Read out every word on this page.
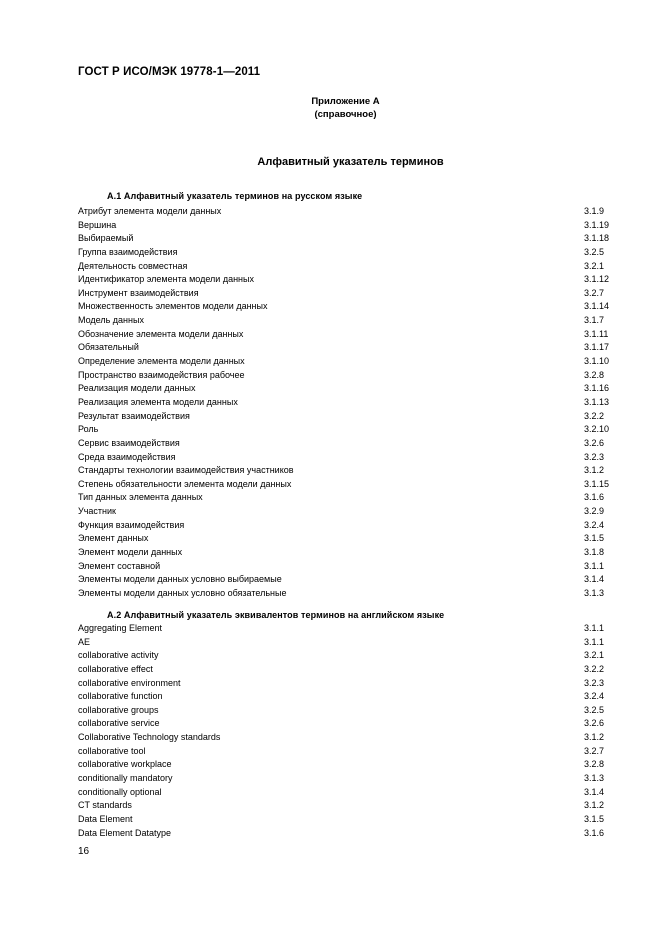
ГОСТ Р ИСО/МЭК 19778-1—2011
Приложение А
(справочное)
Алфавитный указатель терминов
А.1 Алфавитный указатель терминов на русском языке
Атрибут элемента модели данных	3.1.9
Вершина	3.1.19
Выбираемый	3.1.18
Группа взаимодействия	3.2.5
Деятельность совместная	3.2.1
Идентификатор элемента модели данных	3.1.12
Инструмент взаимодействия	3.2.7
Множественность элементов модели данных	3.1.14
Модель данных	3.1.7
Обозначение элемента модели данных	3.1.11
Обязательный	3.1.17
Определение элемента модели данных	3.1.10
Пространство взаимодействия рабочее	3.2.8
Реализация модели данных	3.1.16
Реализация элемента модели данных	3.1.13
Результат взаимодействия	3.2.2
Роль	3.2.10
Сервис взаимодействия	3.2.6
Среда взаимодействия	3.2.3
Стандарты технологии взаимодействия участников	3.1.2
Степень обязательности элемента модели данных	3.1.15
Тип данных элемента данных	3.1.6
Участник	3.2.9
Функция взаимодействия	3.2.4
Элемент данных	3.1.5
Элемент модели данных	3.1.8
Элемент составной	3.1.1
Элементы модели данных условно выбираемые	3.1.4
Элементы модели данных условно обязательные	3.1.3
А.2 Алфавитный указатель эквивалентов терминов на английском языке
Aggregating Element	3.1.1
AE	3.1.1
collaborative activity	3.2.1
collaborative effect	3.2.2
collaborative environment	3.2.3
collaborative function	3.2.4
collaborative groups	3.2.5
collaborative service	3.2.6
Collaborative Technology standards	3.1.2
collaborative tool	3.2.7
collaborative workplace	3.2.8
conditionally mandatory	3.1.3
conditionally optional	3.1.4
CT standards	3.1.2
Data Element	3.1.5
Data Element Datatype	3.1.6
16
